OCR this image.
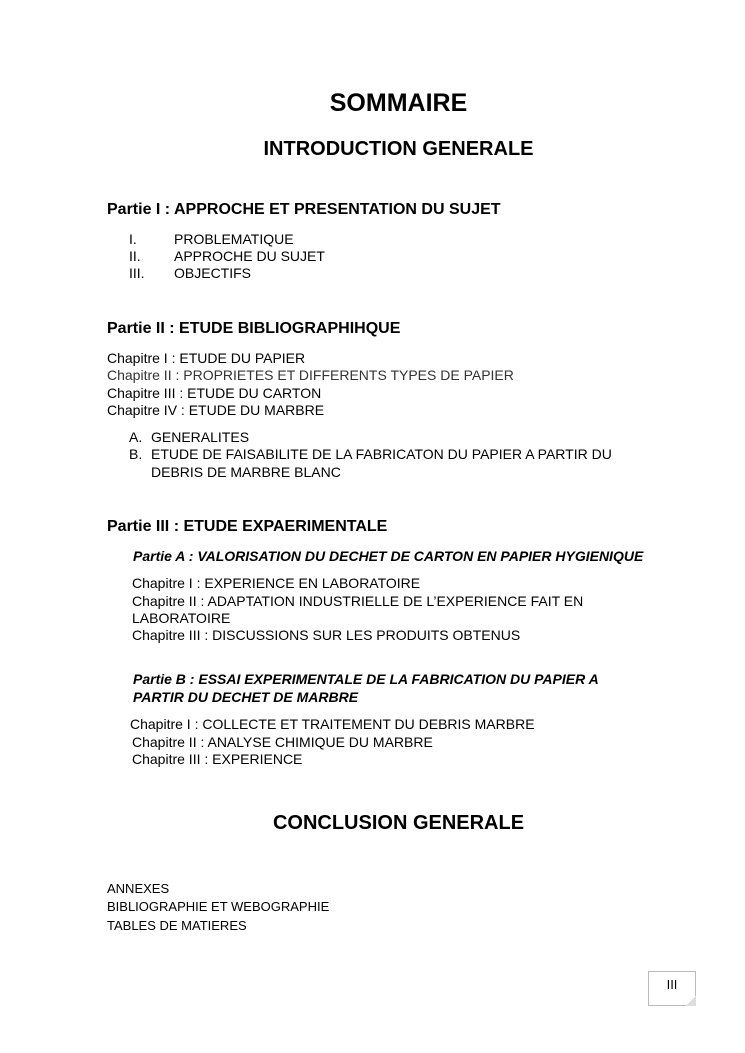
SOMMAIRE
INTRODUCTION GENERALE
Partie I : APPROCHE ET PRESENTATION DU SUJET
I.	PROBLEMATIQUE
II. APPROCHE DU SUJET
III. OBJECTIFS
Partie II : ETUDE BIBLIOGRAPHIHQUE
Chapitre I : ETUDE DU PAPIER
Chapitre II : PROPRIETES ET DIFFERENTS TYPES DE PAPIER
Chapitre III : ETUDE DU CARTON
Chapitre IV : ETUDE DU MARBRE
A. GENERALITES
B. ETUDE DE FAISABILITE DE LA FABRICATON DU PAPIER A PARTIR DU
DEBRIS DE MARBRE BLANC
Partie III : ETUDE EXPAERIMENTALE
Partie A : VALORISATION DU DECHET DE CARTON EN PAPIER HYGIENIQUE
Chapitre I : EXPERIENCE EN LABORATOIRE
Chapitre II : ADAPTATION INDUSTRIELLE DE L’EXPERIENCE FAIT EN
LABORATOIRE
Chapitre III : DISCUSSIONS SUR LES PRODUITS OBTENUS
Partie B : ESSAI EXPERIMENTALE DE LA FABRICATION DU PAPIER A
PARTIR DU DECHET DE MARBRE
Chapitre I : COLLECTE ET TRAITEMENT DU DEBRIS MARBRE
Chapitre II : ANALYSE CHIMIQUE DU MARBRE
Chapitre III : EXPERIENCE
CONCLUSION GENERALE
ANNEXES
BIBLIOGRAPHIE ET WEBOGRAPHIE
TABLES DE MATIERES
III
